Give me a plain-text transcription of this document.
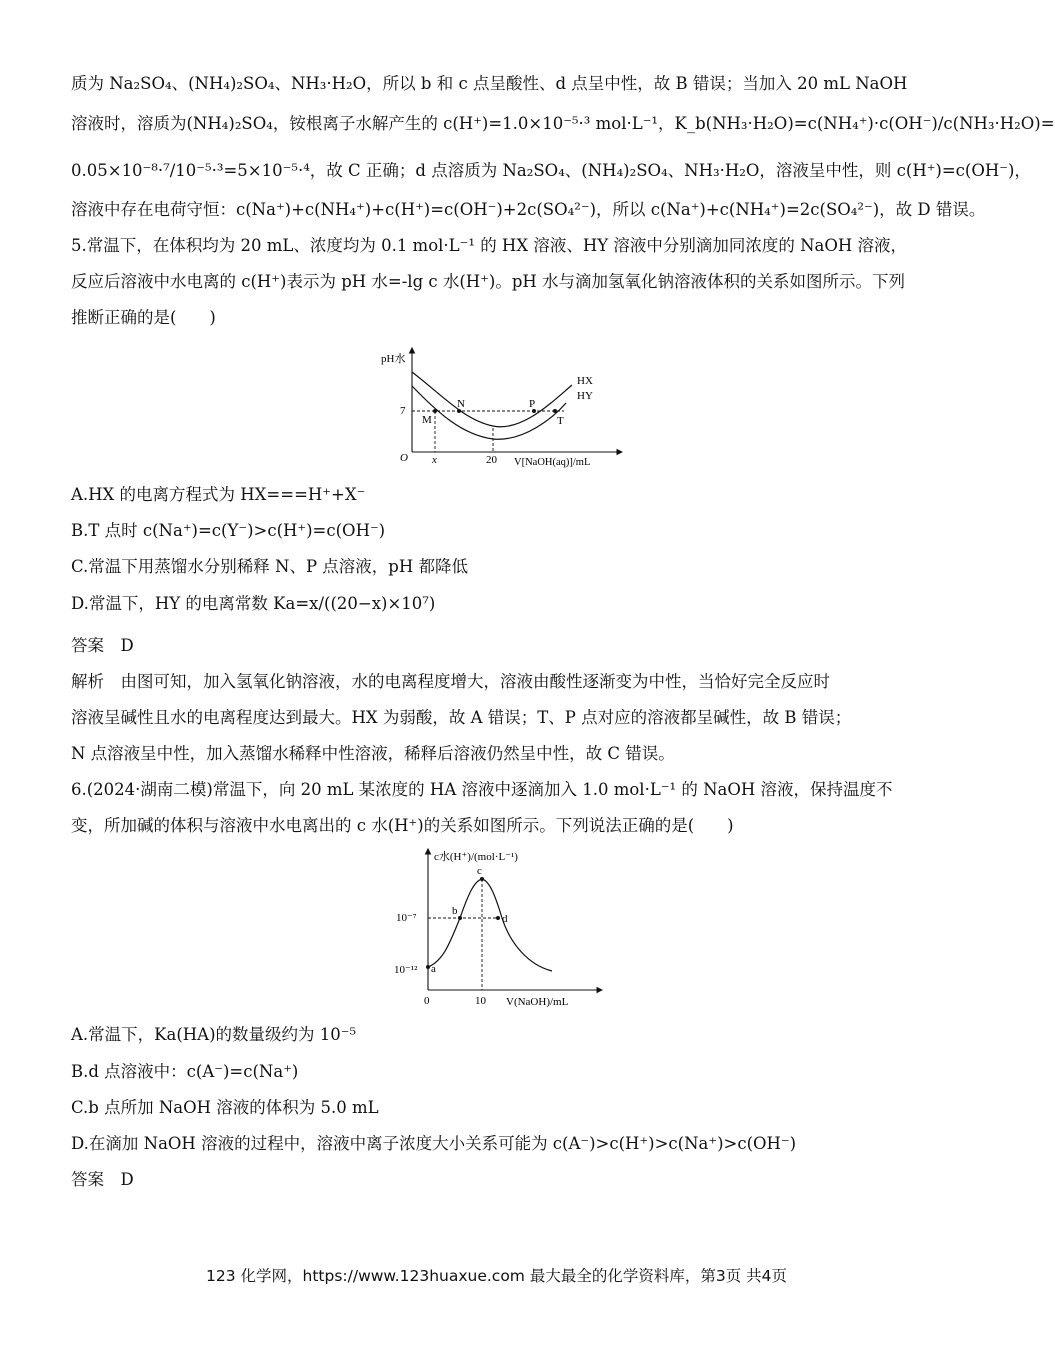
质为 Na₂SO₄、(NH₄)₂SO₄、NH₃·H₂O，所以 b 和 c 点呈酸性、d 点呈中性，故 B 错误；当加入 20 mL NaOH
溶液时，溶质为(NH₄)₂SO₄，铵根离子水解产生的 c(H⁺)=1.0×10⁻⁵·³ mol·L⁻¹，K_b(NH₃·H₂O)=c(NH₄⁺)·c(OH⁻)/c(NH₃·H₂O)=
0.05×10⁻⁸·⁷/10⁻⁵·³=5×10⁻⁵·⁴，故 C 正确；d 点溶质为 Na₂SO₄、(NH₄)₂SO₄、NH₃·H₂O，溶液呈中性，则 c(H⁺)=c(OH⁻)，
溶液中存在电荷守恒：c(Na⁺)+c(NH₄⁺)+c(H⁺)=c(OH⁻)+2c(SO₄²⁻)，所以 c(Na⁺)+c(NH₄⁺)=2c(SO₄²⁻)，故 D 错误。
5.常温下，在体积均为 20 mL、浓度均为 0.1 mol·L⁻¹ 的 HX 溶液、HY 溶液中分别滴加同浓度的 NaOH 溶液，
反应后溶液中水电离的 c(H⁺)表示为 pH 水=-lg c 水(H⁺)。pH 水与滴加氢氧化钠溶液体积的关系如图所示。下列
推断正确的是(　　)
pH水
O
7
M
N	P
T
HX
HY
x	20 V[NaOH(aq)]/mL
A.HX 的电离方程式为 HX===H⁺+X⁻
B.T 点时 c(Na⁺)=c(Y⁻)>c(H⁺)=c(OH⁻)
C.常温下用蒸馏水分别稀释 N、P 点溶液，pH 都降低
D.常温下，HY 的电离常数 Ka=x/((20−x)×10⁷)
答案　D
解析　由图可知，加入氢氧化钠溶液，水的电离程度增大，溶液由酸性逐渐变为中性，当恰好完全反应时
溶液呈碱性且水的电离程度达到最大。HX 为弱酸，故 A 错误；T、P 点对应的溶液都呈碱性，故 B 错误；
N 点溶液呈中性，加入蒸馏水稀释中性溶液，稀释后溶液仍然呈中性，故 C 错误。
6.(2024·湖南二模)常温下，向 20 mL 某浓度的 HA 溶液中逐滴加入 1.0 mol·L⁻¹ 的 NaOH 溶液，保持温度不
变，所加碱的体积与溶液中水电离出的 c 水(H⁺)的关系如图所示。下列说法正确的是(　　)
c水(H⁺)/(mol·L⁻¹)
10⁻⁷
10⁻¹² a
b
c
d
0	10 V(NaOH)/mL
A.常温下，Ka(HA)的数量级约为 10⁻⁵
B.d 点溶液中：c(A⁻)=c(Na⁺)
C.b 点所加 NaOH 溶液的体积为 5.0 mL
D.在滴加 NaOH 溶液的过程中，溶液中离子浓度大小关系可能为 c(A⁻)>c(H⁺)>c(Na⁺)>c(OH⁻)
答案　D
123 化学网，https://www.123huaxue.com 最大最全的化学资料库，第3页 共4页
